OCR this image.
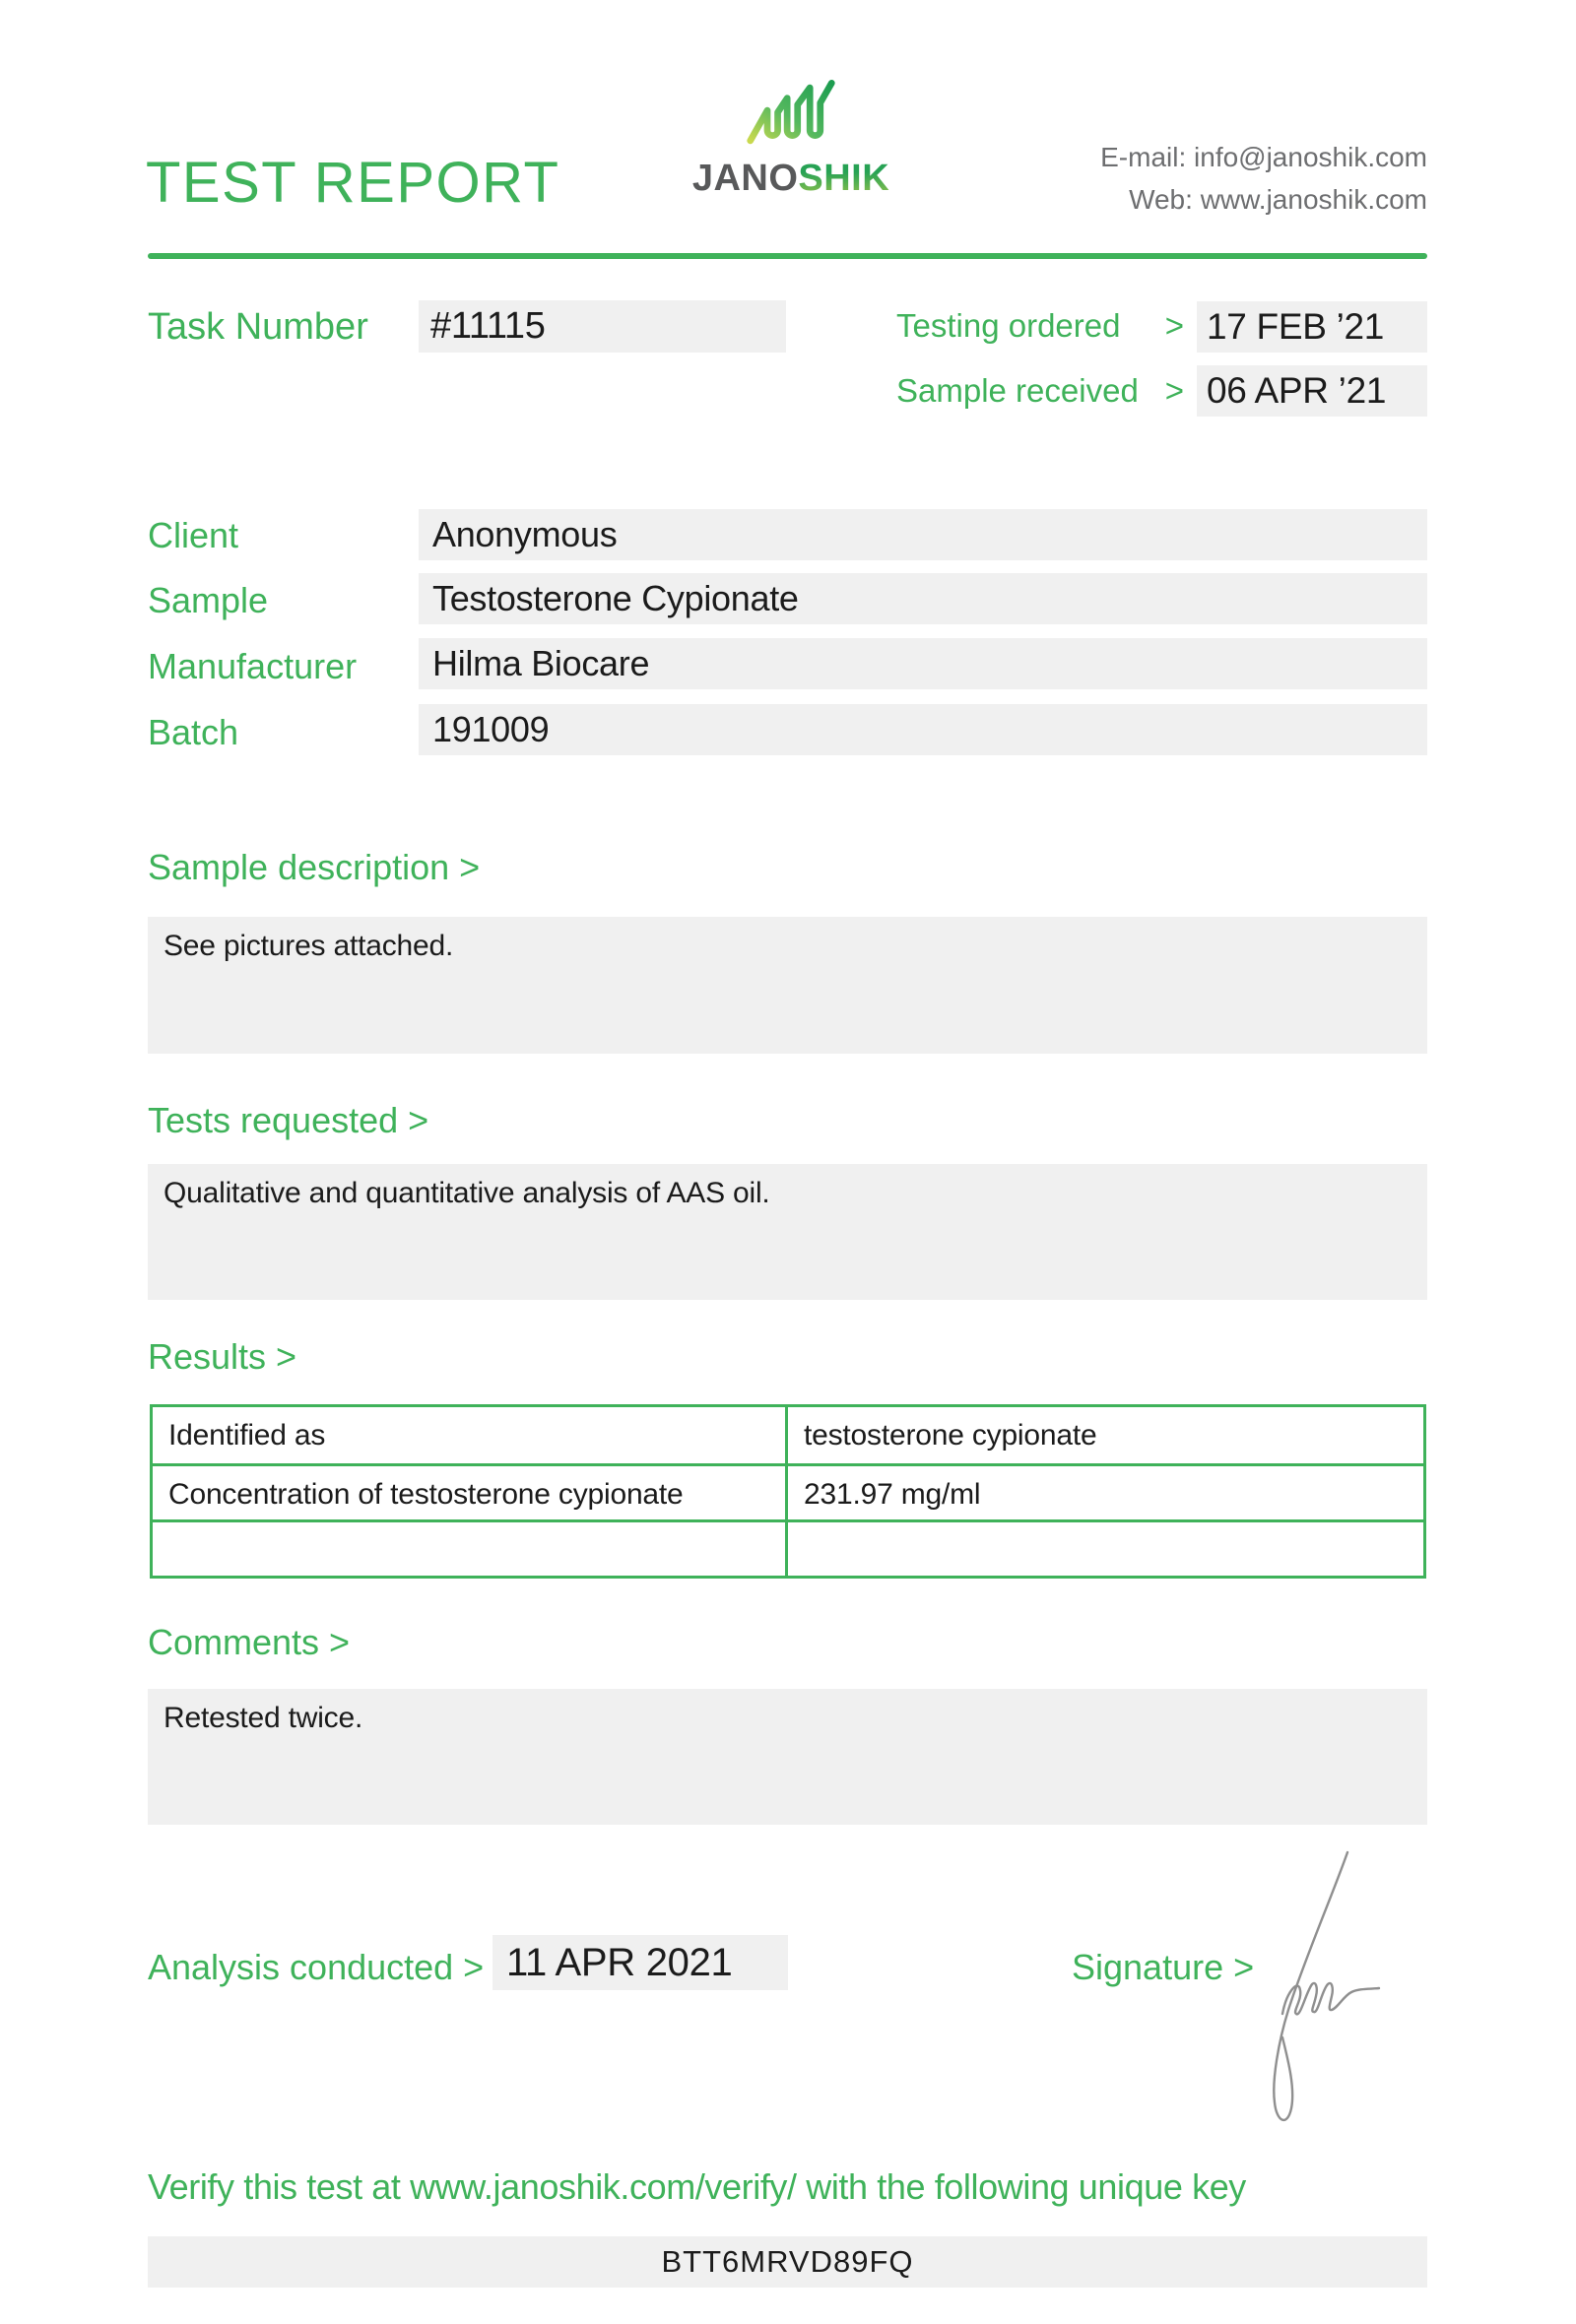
TEST REPORT	JANOSHIK
E-mail: info@janoshik.com
Web: www.janoshik.com
Task Number	#11115	Testing ordered > 17 FEB ’21
Sample received > 06 APR ’21
Client	Anonymous
Sample	Testosterone Cypionate
Manufacturer	Hilma Biocare
Batch	191009
Sample description >

See pictures attached.

Tests requested >

Qualitative and quantitative analysis of AAS oil.

Results >
Identified as	testosterone cypionate
Concentration of testosterone cypionate	231.97 mg/ml
Comments >

Retested twice.

Analysis conducted > 11 APR 2021	Signature >
Verify this test at www.janoshik.com/verify/ with the following unique key
BTT6MRVD89FQ
